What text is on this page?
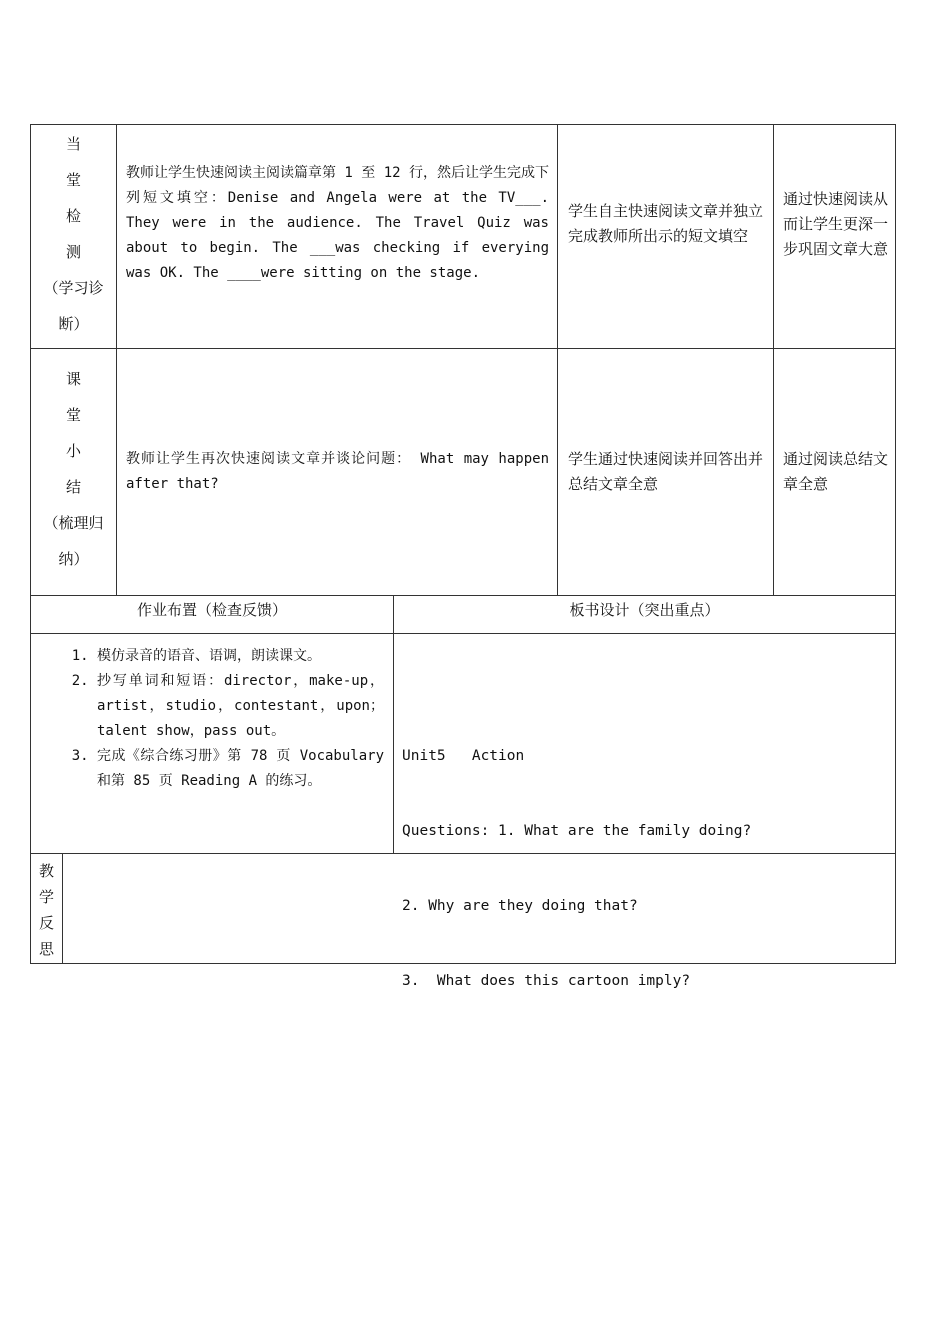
当
堂
检
测
（学习诊
断）
教师让学生快速阅读主阅读篇章第 1 至 12 行，然后让学生完成下列短文填空：Denise and Angela were at the TV___. They were in the audience. The Travel Quiz was about to begin. The ___was checking if everying was OK. The ____were sitting on the stage.
学生自主快速阅读文章并独立完成教师所出示的短文填空
通过快速阅读从而让学生更深一步巩固文章大意
课
堂
小
结
（梳理归
纳）
教师让学生再次快速阅读文章并谈论问题： What may happen after that?
学生通过快速阅读并回答出并总结文章全意
通过阅读总结文章全意
作业布置（检查反馈）	板书设计（突出重点）
1. 模仿录音的语音、语调，朗读课文。
2. 抄写单词和短语：director，make-up，artist，studio，contestant，upon；talent show，pass out。
3. 完成《综合练习册》第 78 页 Vocabulary 和第 85 页 Reading A 的练习。

Unit5   Action

Questions: 1. What are the family doing?

2. Why are they doing that?

3.  What does this cartoon imply?

教
学
反
思
